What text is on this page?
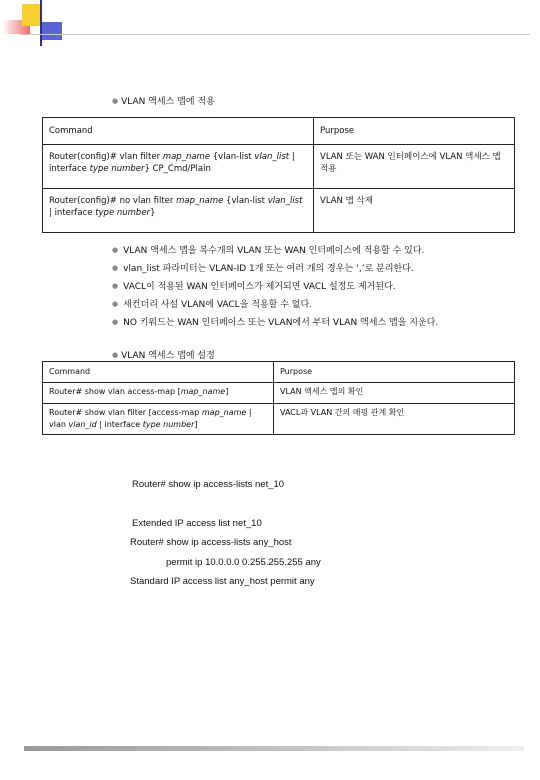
● VLAN 액세스 맵에 적용
Command	Purpose
Router(config)# vlan filter map_name {vlan-list vlan_list | interface type number} CP_Cmd/Plain	VLAN 또는 WAN 인터페이스에 VLAN 액세스 맵 적용
Router(config)# no vlan filter map_name {vlan-list vlan_list | interface type number}	VLAN 맵 삭제
● VLAN 액세스 맵을 복수개의 VLAN 또는 WAN 인터페이스에 적용할 수 있다.
● vlan_list 파라미터는 VLAN-ID 1개 또는 여러 개의 경우는 ‘,’로 분리한다.
● VACL이 적용된 WAN 인터페이스가 제거되면 VACL 설정도 제거된다.
● 세컨더리 사설 VLAN에 VACL을 적용할 수 없다.
● NO 키워드는 WAN 인터페이스 또는 VLAN에서 부터 VLAN 액세스 맵을 지운다.
● VLAN 액세스 맵에 설정
Command	Purpose
Router# show vlan access-map [map_name]	VLAN 액세스 맵의 확인
Router# show vlan filter [access-map map_name | vlan vlan_id | interface type number]	VACL과 VLAN 간의 매핑 관계 확인

Router# show ip access-lists net_10

Extended IP access list net_10

permit ip 10.0.0.0 0.255.255.255 any

Router# show ip access-lists any_host

Standard IP access list any_host permit any
